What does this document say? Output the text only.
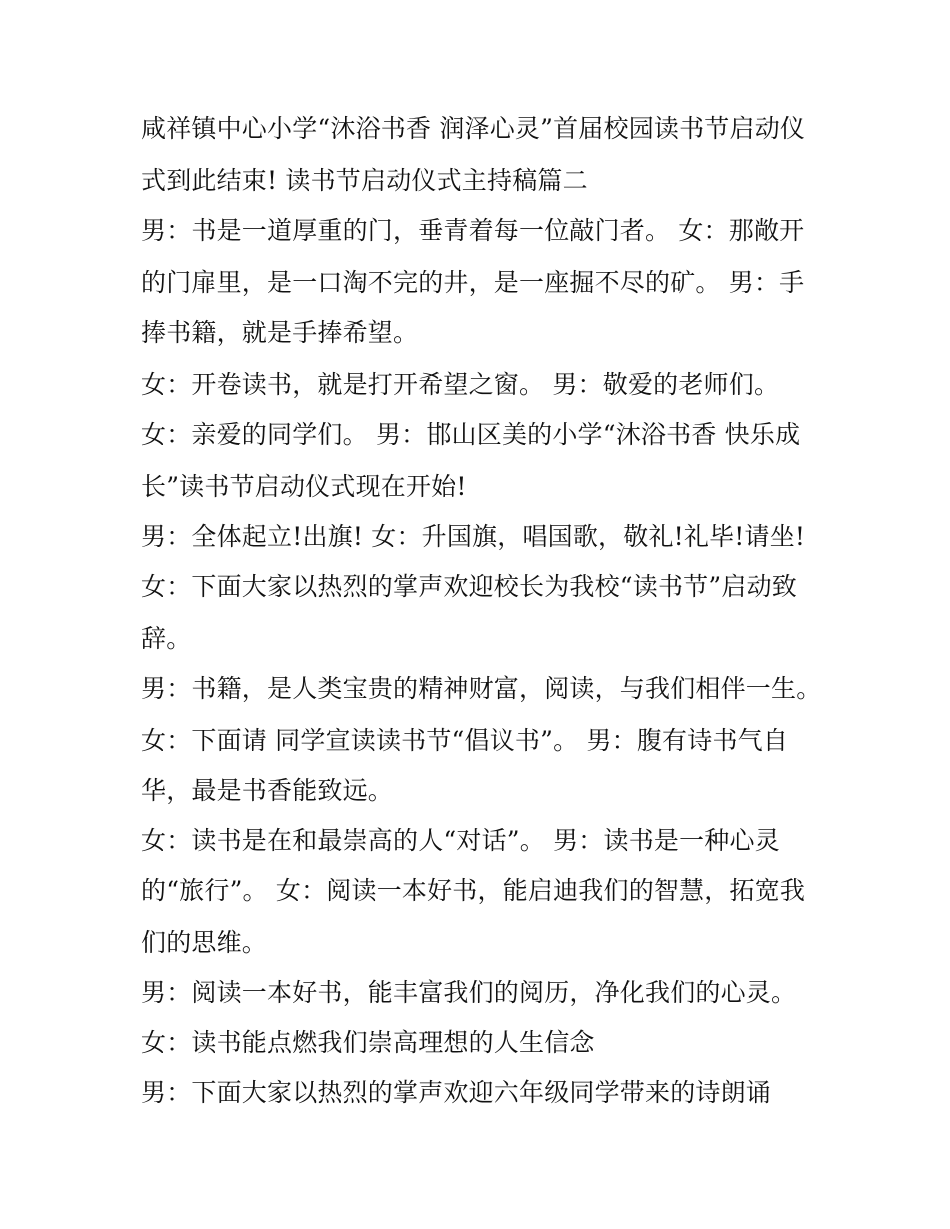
咸祥镇中心小学“沐浴书香 润泽心灵”首届校园读书节启动仪
式到此结束! 读书节启动仪式主持稿篇二
男：书是一道厚重的门，垂青着每一位敲门者。 女：那敞开
的门扉里，是一口淘不完的井，是一座掘不尽的矿。 男：手
捧书籍，就是手捧希望。
女：开卷读书，就是打开希望之窗。 男：敬爱的老师们。
女：亲爱的同学们。 男：邯山区美的小学“沐浴书香 快乐成
长”读书节启动仪式现在开始!
男：全体起立!出旗! 女：升国旗，唱国歌，敬礼!礼毕!请坐!
女：下面大家以热烈的掌声欢迎校长为我校“读书节”启动致
辞。
男：书籍，是人类宝贵的精神财富，阅读，与我们相伴一生。
女：下面请 同学宣读读书节“倡议书”。 男：腹有诗书气自
华，最是书香能致远。
女：读书是在和最崇高的人“对话”。 男：读书是一种心灵
的“旅行”。 女：阅读一本好书，能启迪我们的智慧，拓宽我
们的思维。
男：阅读一本好书，能丰富我们的阅历，净化我们的心灵。
女：读书能点燃我们崇高理想的人生信念
男：下面大家以热烈的掌声欢迎六年级同学带来的诗朗诵
